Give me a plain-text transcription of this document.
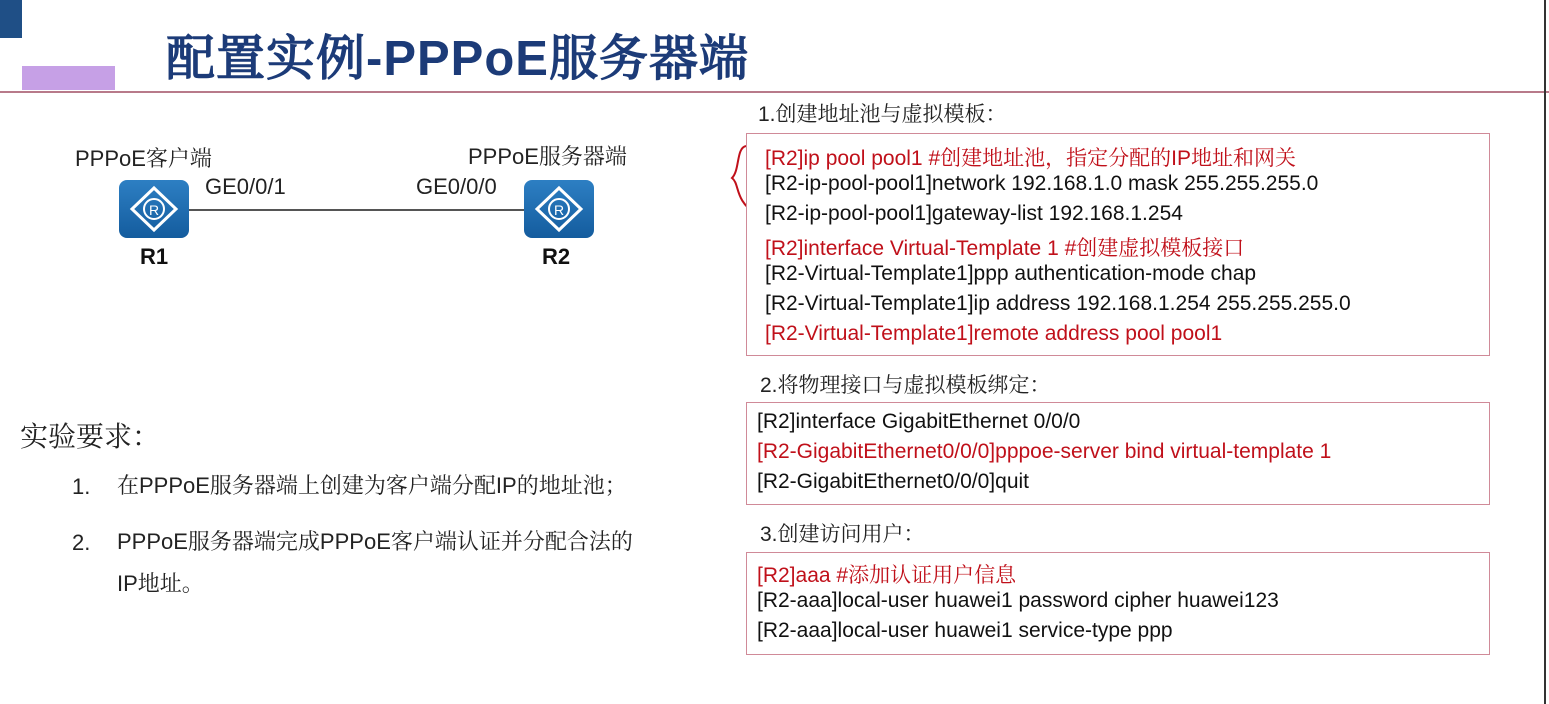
配置实例-PPPoE服务器端
PPPoE客户端	PPPoE服务器端
GE0/0/1	GE0/0/0
R	R
R1	R2
实验要求：
1. 在PPPoE服务器端上创建为客户端分配IP的地址池；
2. PPPoE服务器端完成PPPoE客户端认证并分配合法的
IP地址。
1.创建地址池与虚拟模板：
[R2]ip pool pool1 #创建地址池，指定分配的IP地址和网关
[R2-ip-pool-pool1]network 192.168.1.0 mask 255.255.255.0
[R2-ip-pool-pool1]gateway-list 192.168.1.254
[R2]interface Virtual-Template 1 #创建虚拟模板接口
[R2-Virtual-Template1]ppp authentication-mode chap
[R2-Virtual-Template1]ip address 192.168.1.254 255.255.255.0
[R2-Virtual-Template1]remote address pool pool1
2.将物理接口与虚拟模板绑定：
[R2]interface GigabitEthernet 0/0/0
[R2-GigabitEthernet0/0/0]pppoe-server bind virtual-template 1
[R2-GigabitEthernet0/0/0]quit
3.创建访问用户：
[R2]aaa #添加认证用户信息
[R2-aaa]local-user huawei1 password cipher huawei123
[R2-aaa]local-user huawei1 service-type ppp
